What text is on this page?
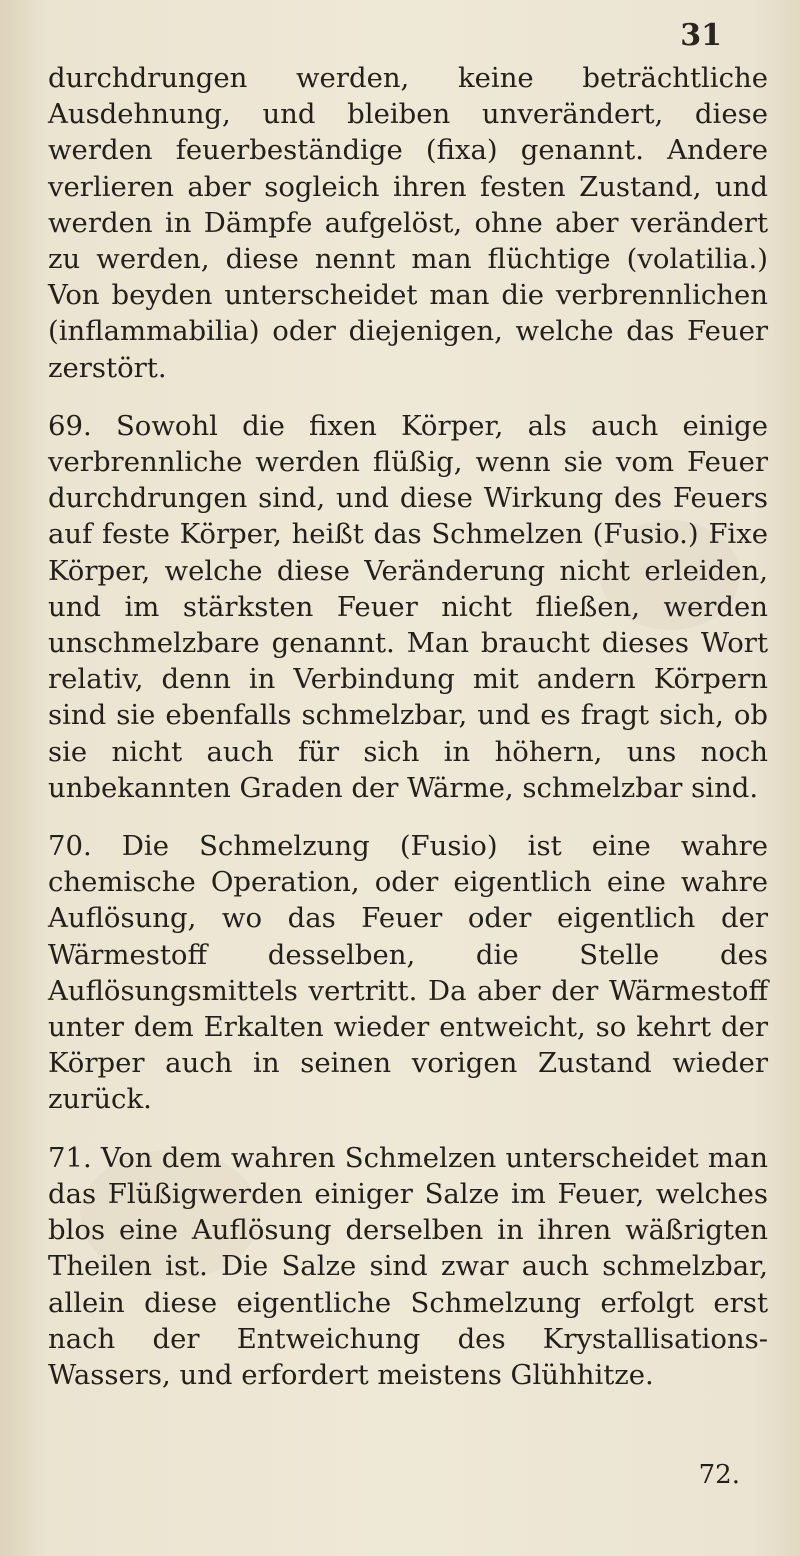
31

durchdrungen werden, keine beträchtliche Ausdehnung, und bleiben unverändert, diese werden feuerbeständige (fixa) genannt. Andere verlieren aber sogleich ihren festen Zustand, und werden in Dämpfe aufgelöst, ohne aber verändert zu werden, diese nennt man flüchtige (volatilia.) Von beyden unterscheidet man die verbrennlichen (inflammabilia) oder diejenigen, welche das Feuer zerstört.

69. Sowohl die fixen Körper, als auch einige verbrennliche werden flüßig, wenn sie vom Feuer durchdrungen sind, und diese Wirkung des Feuers auf feste Körper, heißt das Schmelzen (Fusio.) Fixe Körper, welche diese Veränderung nicht erleiden, und im stärksten Feuer nicht fließen, werden unschmelzbare genannt. Man braucht dieses Wort relativ, denn in Verbindung mit andern Körpern sind sie ebenfalls schmelzbar, und es fragt sich, ob sie nicht auch für sich in höhern, uns noch unbekannten Graden der Wärme, schmelzbar sind.

70. Die Schmelzung (Fusio) ist eine wahre chemische Operation, oder eigentlich eine wahre Auflösung, wo das Feuer oder eigentlich der Wärmestoff desselben, die Stelle des Auflösungsmittels vertritt. Da aber der Wärmestoff unter dem Erkalten wieder entweicht, so kehrt der Körper auch in seinen vorigen Zustand wieder zurück.

71. Von dem wahren Schmelzen unterscheidet man das Flüßigwerden einiger Salze im Feuer, welches blos eine Auflösung derselben in ihren wäßrigten Theilen ist. Die Salze sind zwar auch schmelzbar, allein diese eigentliche Schmelzung erfolgt erst nach der Entweichung des Krystallisations-Wassers, und erfordert meistens Glühhitze.

72.
